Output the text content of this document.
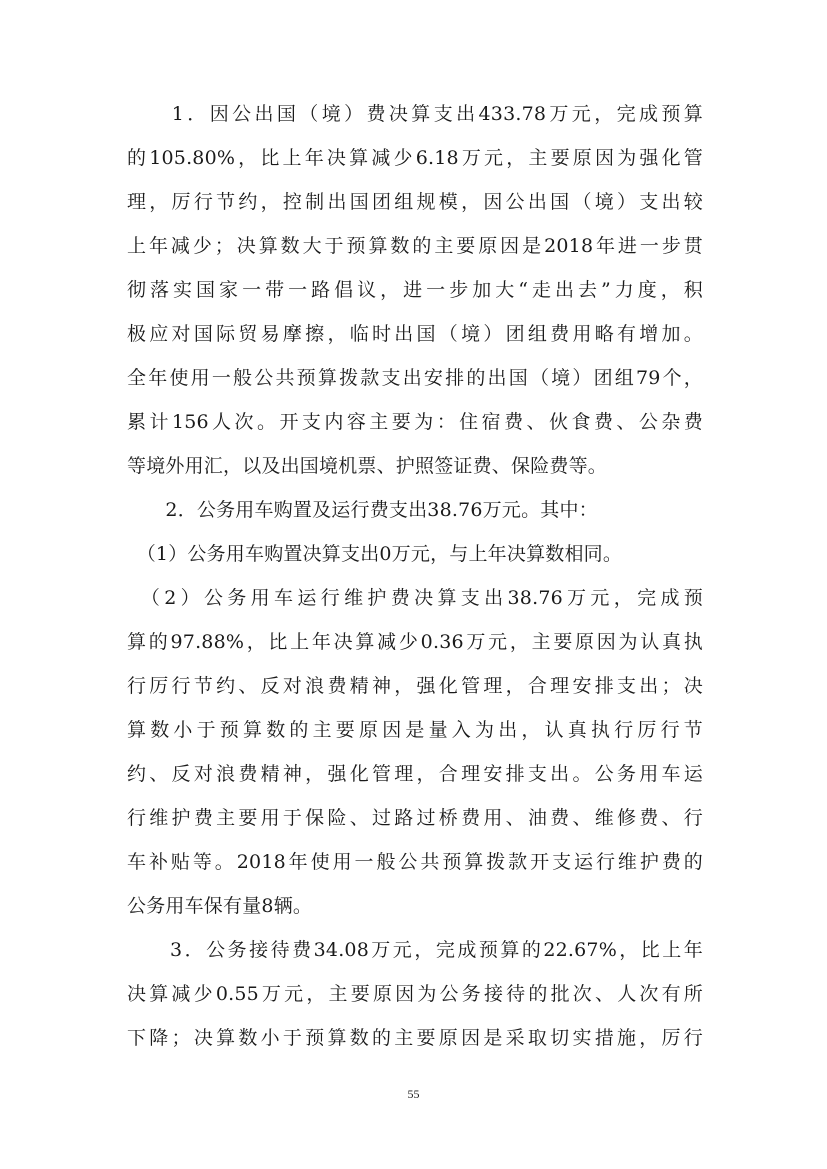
　　1．因公出国（境）费决算支出433.78万元，完成预算
的105.80%，比上年决算减少6.18万元，主要原因为强化管
理，厉行节约，控制出国团组规模，因公出国（境）支出较
上年减少；决算数大于预算数的主要原因是2018年进一步贯
彻落实国家一带一路倡议，进一步加大“走出去”力度，积
极应对国际贸易摩擦，临时出国（境）团组费用略有增加。
全年使用一般公共预算拨款支出安排的出国（境）团组79个，
累计156人次。开支内容主要为：住宿费、伙食费、公杂费
等境外用汇，以及出国境机票、护照签证费、保险费等。
　　2．公务用车购置及运行费支出38.76万元。其中：
　（1）公务用车购置决算支出0万元，与上年决算数相同。
　（2）公务用车运行维护费决算支出38.76万元，完成预
算的97.88%，比上年决算减少0.36万元，主要原因为认真执
行厉行节约、反对浪费精神，强化管理，合理安排支出；决
算数小于预算数的主要原因是量入为出，认真执行厉行节
约、反对浪费精神，强化管理，合理安排支出。公务用车运
行维护费主要用于保险、过路过桥费用、油费、维修费、行
车补贴等。2018年使用一般公共预算拨款开支运行维护费的
公务用车保有量8辆。
　　3．公务接待费34.08万元，完成预算的22.67%，比上年
决算减少0.55万元，主要原因为公务接待的批次、人次有所
下降；决算数小于预算数的主要原因是采取切实措施，厉行
55
